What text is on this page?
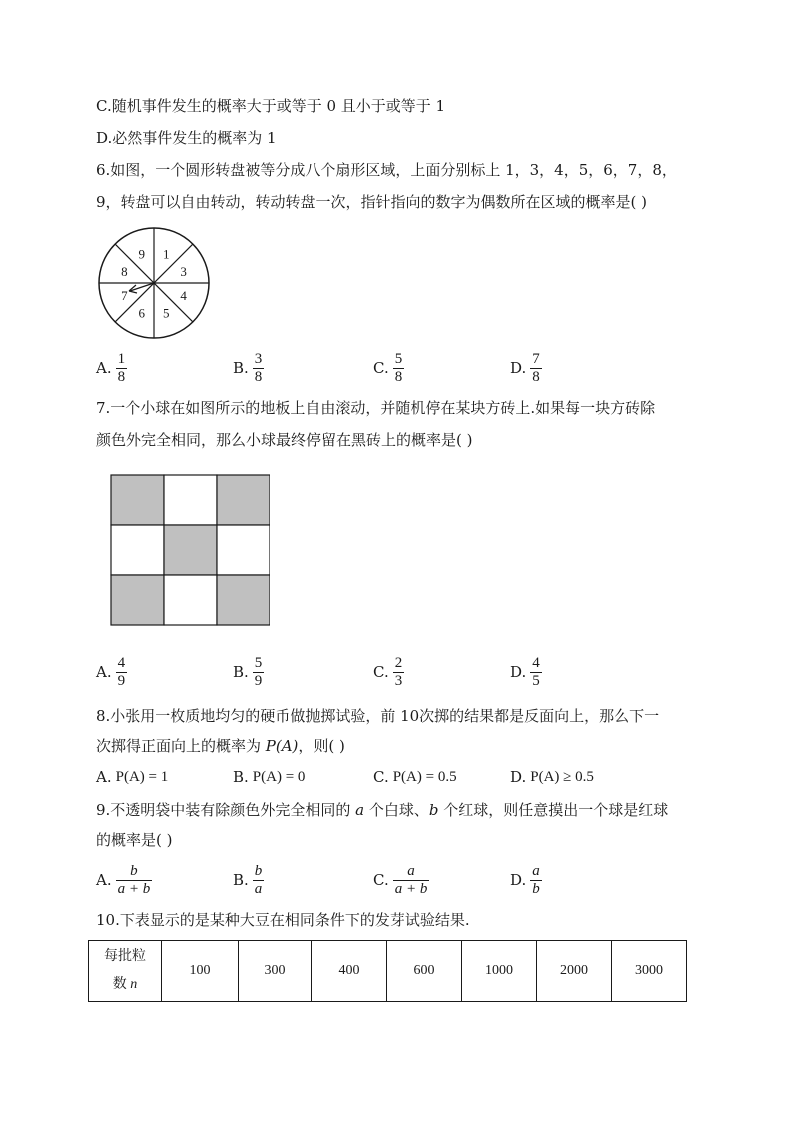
C.随机事件发生的概率大于或等于 0 且小于或等于 1
D.必然事件发生的概率为 1
6.如图，一个圆形转盘被等分成八个扇形区域，上面分别标上 1，3，4，5，6，7，8，
9，转盘可以自由转动，转动转盘一次，指针指向的数字为偶数所在区域的概率是( )
1
3
4
5
6
7
8
9
A. $\frac{1}{8}$	B. $\frac{3}{8}$	C. $\frac{5}{8}$	D. $\frac{7}{8}$
7.一个小球在如图所示的地板上自由滚动，并随机停在某块方砖上.如果每一块方砖除
颜色外完全相同，那么小球最终停留在黑砖上的概率是( )
A. $\frac{4}{9}$	B. $\frac{5}{9}$	C. $\frac{2}{3}$	D. $\frac{4}{5}$
8.小张用一枚质地均匀的硬币做抛掷试验，前 10次掷的结果都是反面向上，那么下一
次掷得正面向上的概率为 P(A)，则( )
A. P(A) = 1	B. P(A) = 0	C. P(A) = 0.5	D. P(A) ≥ 0.5
9.不透明袋中装有除颜色外完全相同的 a 个白球、b 个红球，则任意摸出一个球是红球
的概率是( )
A. $\frac{b}{a + b}$	B. $\frac{b}{a}$	C. $\frac{a}{a + b}$	D. $\frac{a}{b}$
10.下表显示的是某种大豆在相同条件下的发芽试验结果.
每批粒
数 n
	100	300	400	600	1000	2000	3000
